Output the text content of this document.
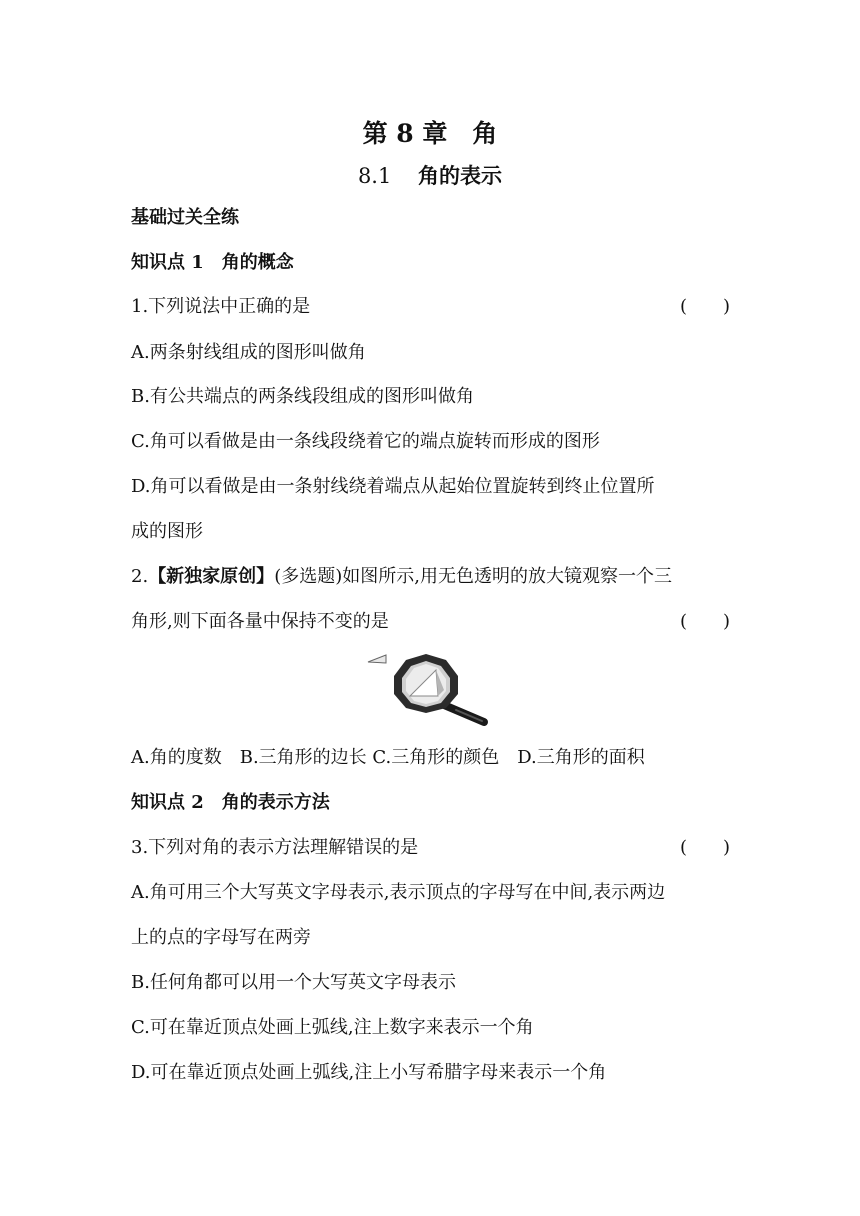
第 8 章　角
8.1 角的表示
基础过关全练
知识点 1　角的概念
1.下列说法中正确的是	(　　)
A.两条射线组成的图形叫做角
B.有公共端点的两条线段组成的图形叫做角
C.角可以看做是由一条线段绕着它的端点旋转而形成的图形
D.角可以看做是由一条射线绕着端点从起始位置旋转到终止位置所
成的图形
2.【新独家原创】(多选题)如图所示,用无色透明的放大镜观察一个三
角形,则下面各量中保持不变的是	(　　)
A.角的度数　B.三角形的边长 C.三角形的颜色　D.三角形的面积
知识点 2　角的表示方法
3.下列对角的表示方法理解错误的是	(　　)
A.角可用三个大写英文字母表示,表示顶点的字母写在中间,表示两边
上的点的字母写在两旁
B.任何角都可以用一个大写英文字母表示
C.可在靠近顶点处画上弧线,注上数字来表示一个角
D.可在靠近顶点处画上弧线,注上小写希腊字母来表示一个角
